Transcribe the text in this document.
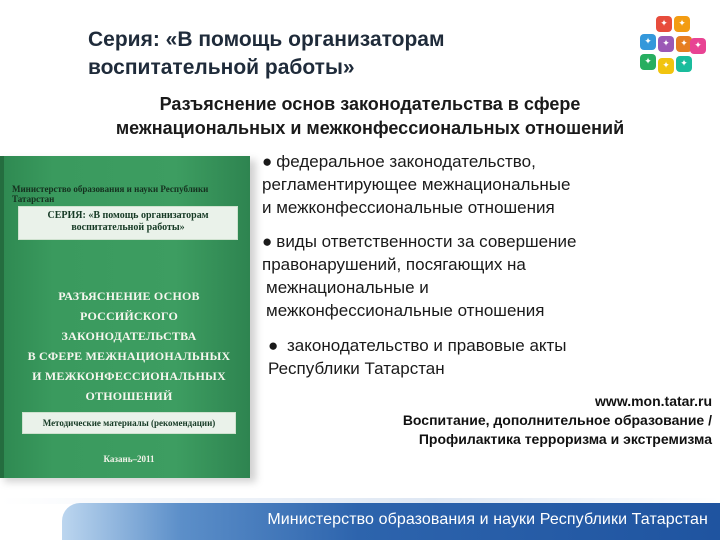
Серия: «В помощь организаторам
воспитательной работы»
✦	✦
✦	✦	✦
✦	✦	✦
✦
Разъяснение основ законодательства в сфере
межнациональных и межконфессиональных отношений
Министерство образования и науки Республики Татарстан
СЕРИЯ: «В помощь организаторам
воспитательной работы»
РАЗЪЯСНЕНИЕ ОСНОВ
РОССИЙСКОГО ЗАКОНОДАТЕЛЬСТВА
В СФЕРЕ МЕЖНАЦИОНАЛЬНЫХ
И МЕЖКОНФЕССИОНАЛЬНЫХ
ОТНОШЕНИЙ
Методические материалы (рекомендации)
Казань–2011
● федеральное законодательство,
регламентирующее межнациональные
и межконфессиональные отношения
● виды ответственности за совершение
правонарушений, посягающих на
межнациональные и
межконфессиональные отношения
● законодательство и правовые акты
Республики Татарстан
www.mon.tatar.ru
Воспитание, дополнительное образование /
Профилактика терроризма и экстремизма
Министерство образования и науки Республики Татарстан
